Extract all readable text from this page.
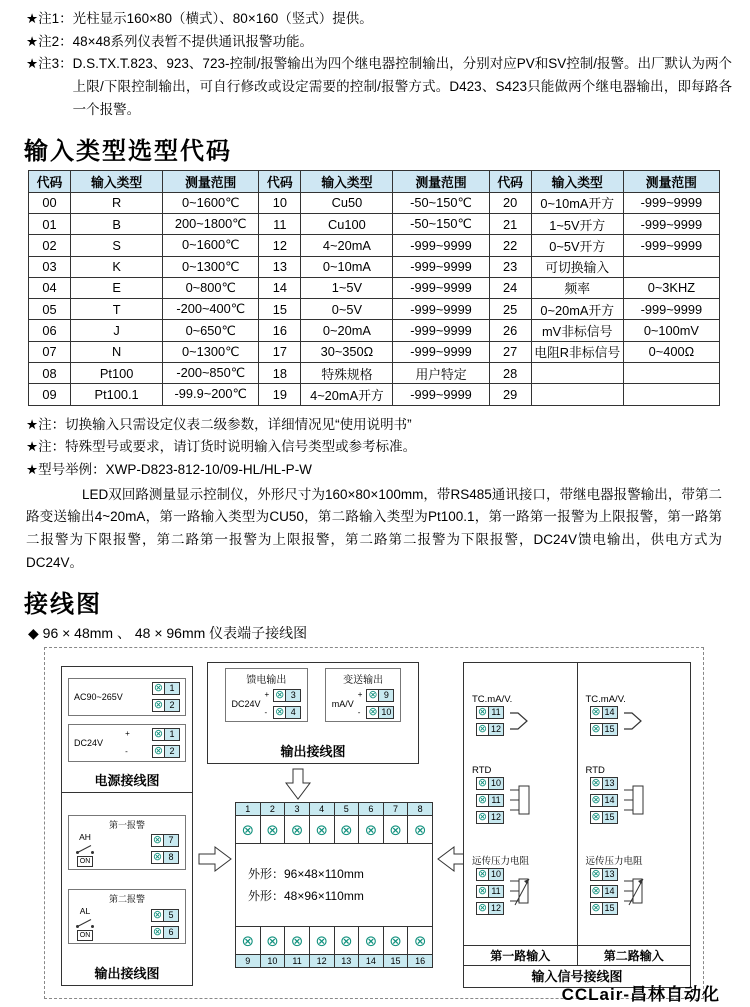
★注1： 光柱显示160×80（横式）、80×160（竖式）提供。
★注2： 48×48系列仪表暂不提供通讯报警功能。
★注3： D.S.TX.T.823、923、723-控制/报警输出为四个继电器控制输出，分别对应PV和SV控制/报警。出厂默认为两个上限/下限控制输出，可自行修改或设定需要的控制/报警方式。D423、S423只能做两个继电器输出，即每路各一个报警。
输入类型选型代码
代码	输入类型	测量范围	代码	输入类型	测量范围	代码	输入类型	测量范围
00	R	0~1600℃	10	Cu50	-50~150℃	20	0~10mA开方	-999~9999
01	B	200~1800℃	11	Cu100	-50~150℃	21	1~5V开方	-999~9999
02	S	0~1600℃	12	4~20mA	-999~9999	22	0~5V开方	-999~9999
03	K	0~1300℃	13	0~10mA	-999~9999	23	可切换输入	
04	E	0~800℃	14	1~5V	-999~9999	24	频率	0~3KHZ
05	T	-200~400℃	15	0~5V	-999~9999	25	0~20mA开方	-999~9999
06	J	0~650℃	16	0~20mA	-999~9999	26	mV非标信号	0~100mV
07	N	0~1300℃	17	30~350Ω	-999~9999	27	电阻R非标信号	0~400Ω
08	Pt100	-200~850℃	18	特殊规格	用户特定	28		
09	Pt100.1	-99.9~200℃	19	4~20mA开方	-999~9999	29		
★注： 切换输入只需设定仪表二级参数，详细情况见“使用说明书”
★注： 特殊型号或要求，请订货时说明输入信号类型或参考标准。
★型号举例： XWP-D823-812-10/09-HL/HL-P-W
LED双回路测量显示控制仪，外形尺寸为160×80×100mm，带RS485通讯接口，带继电器报警输出，带第二路变送输出4~20mA，第一路输入类型为CU50，第二路输入类型为Pt100.1，第一路第一报警为上限报警，第一路第二报警为下限报警，第二路第一报警为上限报警，第二路第二报警为下限报警，DC24V馈电输出，供电方式为DC24V。
接线图
◆ 96 × 48mm 、 48 × 96mm 仪表端子接线图
AC90~265V
⊗ 1
⊗ 2
DC24V
+
-
⊗ 1
⊗ 2
电源接线图
第一报警
AH
ON
⊗ 7
⊗ 8
第二报警
AL
ON
⊗ 5
⊗ 6
输出接线图
馈电输出
DC24V
+
-
⊗ 3
⊗ 4
变送输出
mA/V
+
-
⊗ 9
⊗ 10
输出接线图
1
⊗
2
⊗
3
⊗
4
⊗
5
⊗
6
⊗
7
⊗
8
⊗
外形：96×48×110mm
外形：48×96×110mm
⊗
9
⊗
10
⊗
11
⊗
12
⊗
13
⊗
14
⊗
15
⊗
16
TC.mA/V.
⊗ 11
⊗ 12
RTD
⊗ 10
⊗ 11
⊗ 12
远传压力电阻
⊗ 10
⊗ 11
⊗ 12
第一路输入
TC.mA/V.
⊗ 14
⊗ 15
RTD
⊗ 13
⊗ 14
⊗ 15
远传压力电阻
⊗ 13
⊗ 14
⊗ 15
第二路输入
输入信号接线图
CCLair-昌林自动化
